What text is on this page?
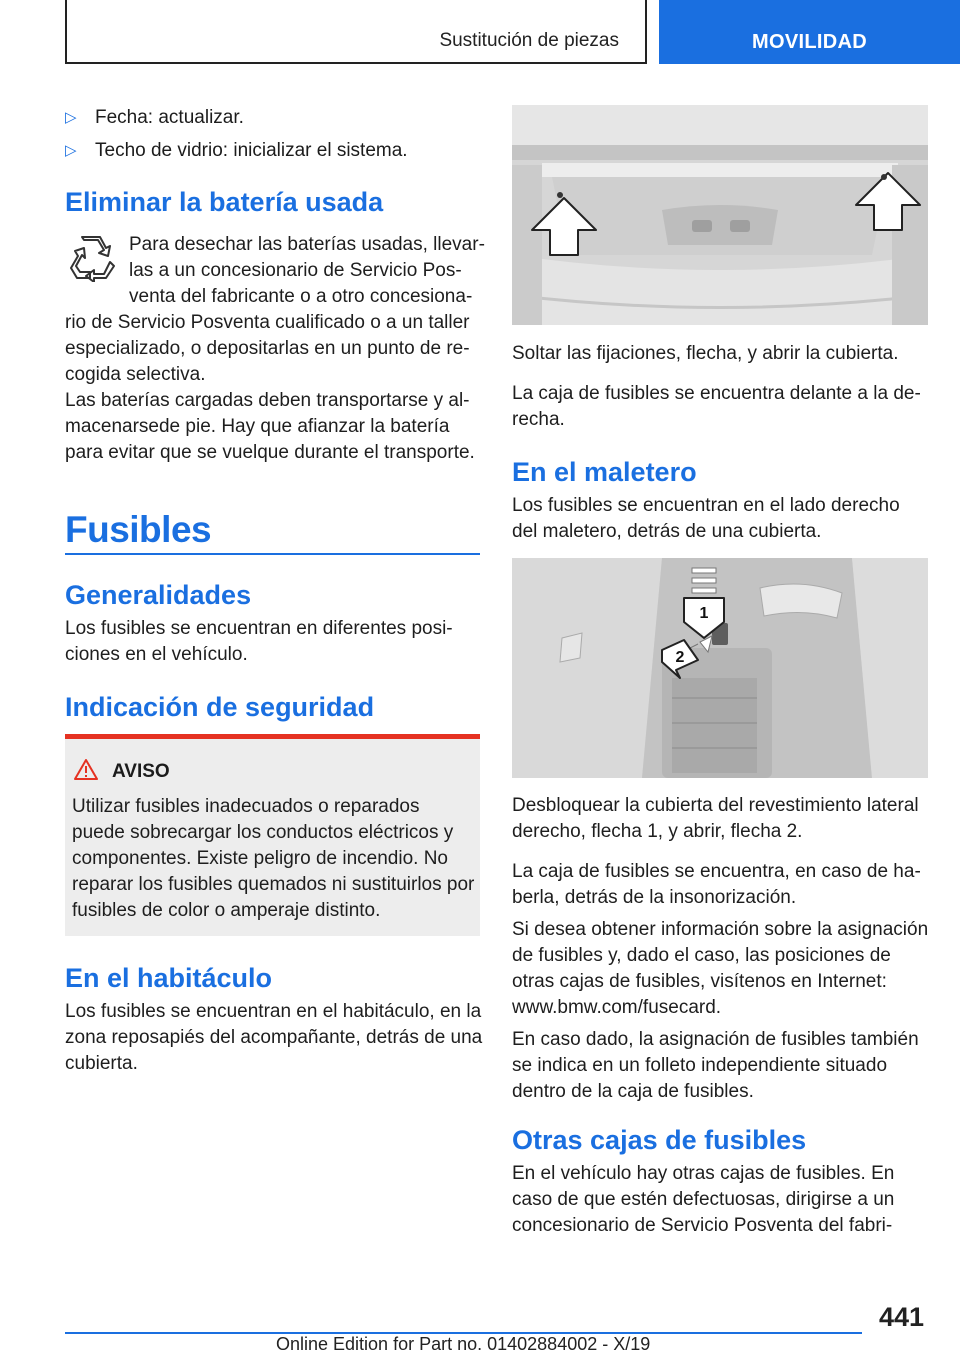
Sustitución de piezas	MOVILIDAD
▷ Fecha: actualizar.
▷ Techo de vidrio: inicializar el sistema.
Eliminar la batería usada
Para desechar las baterías usadas, llevar-
las a un concesionario de Servicio Pos-
venta del fabricante o a otro concesiona-
rio de Servicio Posventa cualificado o a un taller
especializado, o depositarlas en un punto de re-
cogida selectiva.
Las baterías cargadas deben transportarse y al-
macenarsede pie. Hay que afianzar la batería
para evitar que se vuelque durante el transporte.
Fusibles
Generalidades
Los fusibles se encuentran en diferentes posi-
ciones en el vehículo.
Indicación de seguridad
AVISO
Utilizar fusibles inadecuados o reparados
puede sobrecargar los conductos eléctricos y
componentes. Existe peligro de incendio. No
reparar los fusibles quemados ni sustituirlos por
fusibles de color o amperaje distinto.
En el habitáculo
Los fusibles se encuentran en el habitáculo, en la
zona reposapiés del acompañante, detrás de una
cubierta.
Soltar las fijaciones, flecha, y abrir la cubierta.
La caja de fusibles se encuentra delante a la de-
recha.
En el maletero
Los fusibles se encuentran en el lado derecho
del maletero, detrás de una cubierta.
1
2
Desbloquear la cubierta del revestimiento lateral
derecho, flecha 1, y abrir, flecha 2.
La caja de fusibles se encuentra, en caso de ha-
berla, detrás de la insonorización.
Si desea obtener información sobre la asignación
de fusibles y, dado el caso, las posiciones de
otras cajas de fusibles, visítenos en Internet:
www.bmw.com/fusecard.
En caso dado, la asignación de fusibles también
se indica en un folleto independiente situado
dentro de la caja de fusibles.
Otras cajas de fusibles
En el vehículo hay otras cajas de fusibles. En
caso de que estén defectuosas, dirigirse a un
concesionario de Servicio Posventa del fabri-
441
Online Edition for Part no. 01402884002 - X/19
